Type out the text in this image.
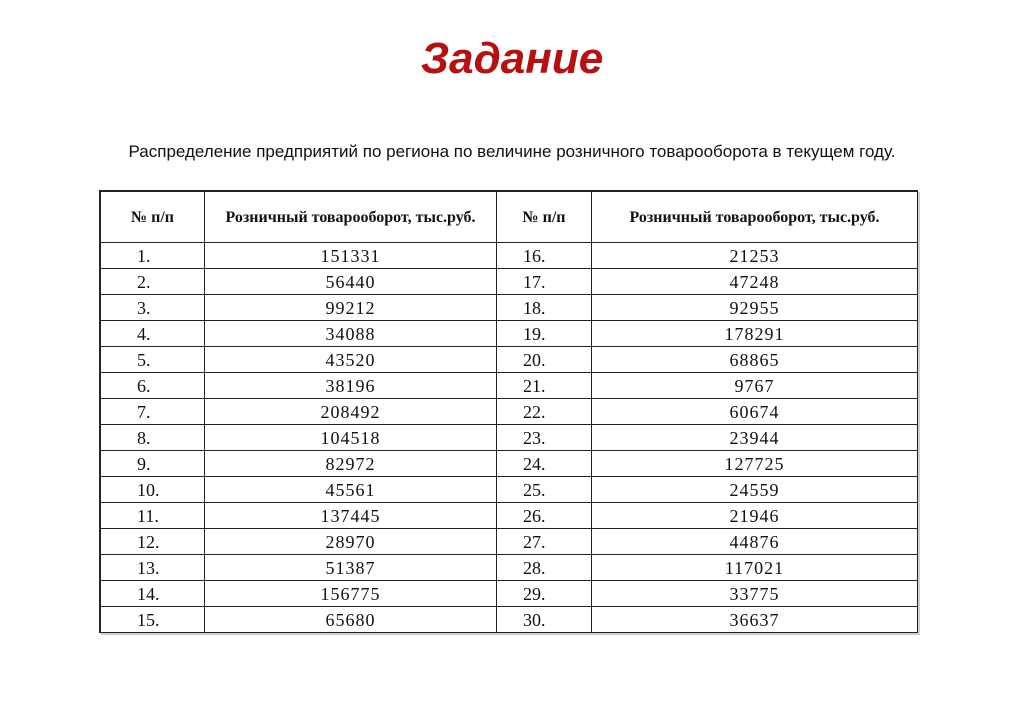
Задание

Распределение предприятий по региона по величине розничного товарооборота в текущем году.

№ п/п	Розничный товарооборот, тыс.руб.	№ п/п	Розничный товарооборот, тыс.руб.
1.	151331	16.	21253
2.	56440	17.	47248
3.	99212	18.	92955
4.	34088	19.	178291
5.	43520	20.	68865
6.	38196	21.	9767
7.	208492	22.	60674
8.	104518	23.	23944
9.	82972	24.	127725
10.	45561	25.	24559
11.	137445	26.	21946
12.	28970	27.	44876
13.	51387	28.	117021
14.	156775	29.	33775
15.	65680	30.	36637
